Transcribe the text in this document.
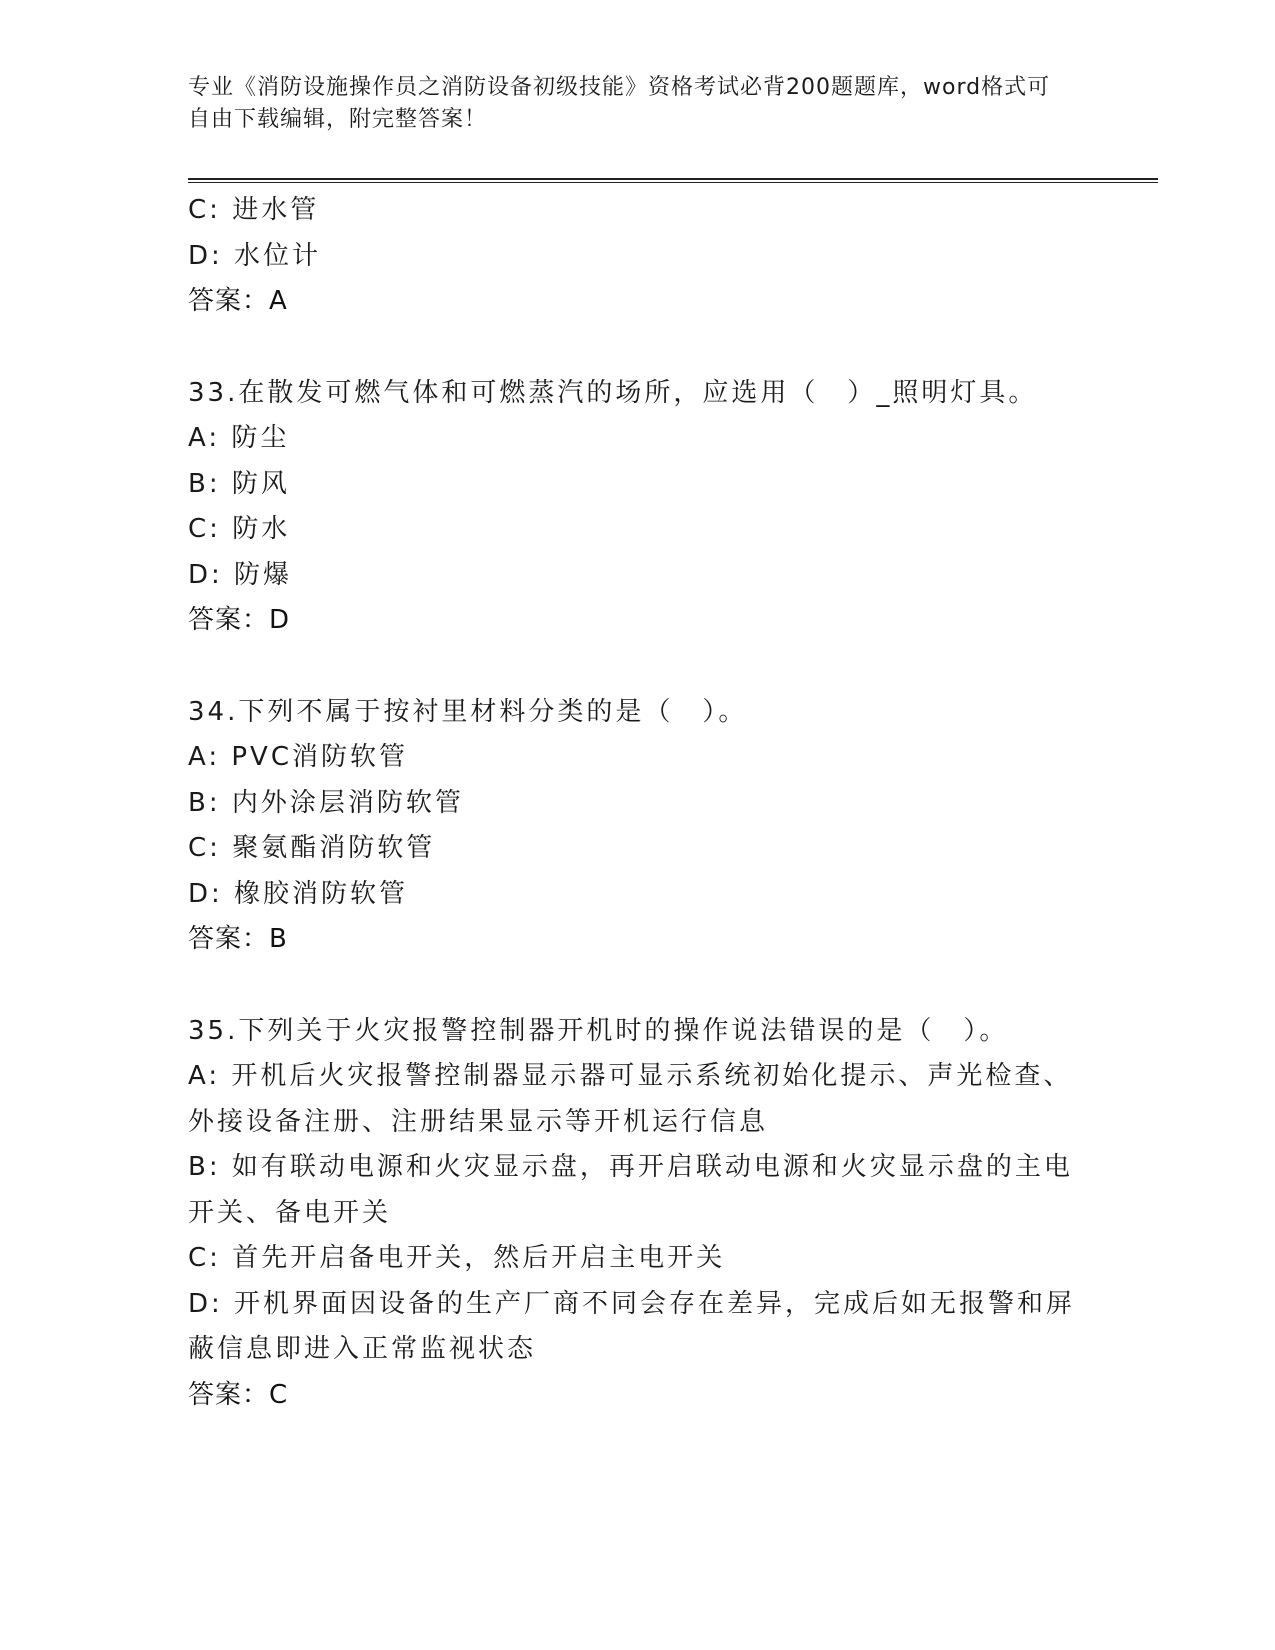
专业《消防设施操作员之消防设备初级技能》资格考试必背200题题库，word格式可自由下载编辑，附完整答案！
C: 进水管
D: 水位计
答案：A
33.在散发可燃气体和可燃蒸汽的场所，应选用（　）_照明灯具。
A: 防尘
B: 防风
C: 防水
D: 防爆
答案：D
34.下列不属于按衬里材料分类的是（　）。
A: PVC消防软管
B: 内外涂层消防软管
C: 聚氨酯消防软管
D: 橡胶消防软管
答案：B
35.下列关于火灾报警控制器开机时的操作说法错误的是（　）。
A: 开机后火灾报警控制器显示器可显示系统初始化提示、声光检查、外接设备注册、注册结果显示等开机运行信息
B: 如有联动电源和火灾显示盘，再开启联动电源和火灾显示盘的主电开关、备电开关
C: 首先开启备电开关，然后开启主电开关
D: 开机界面因设备的生产厂商不同会存在差异，完成后如无报警和屏蔽信息即进入正常监视状态
答案：C
